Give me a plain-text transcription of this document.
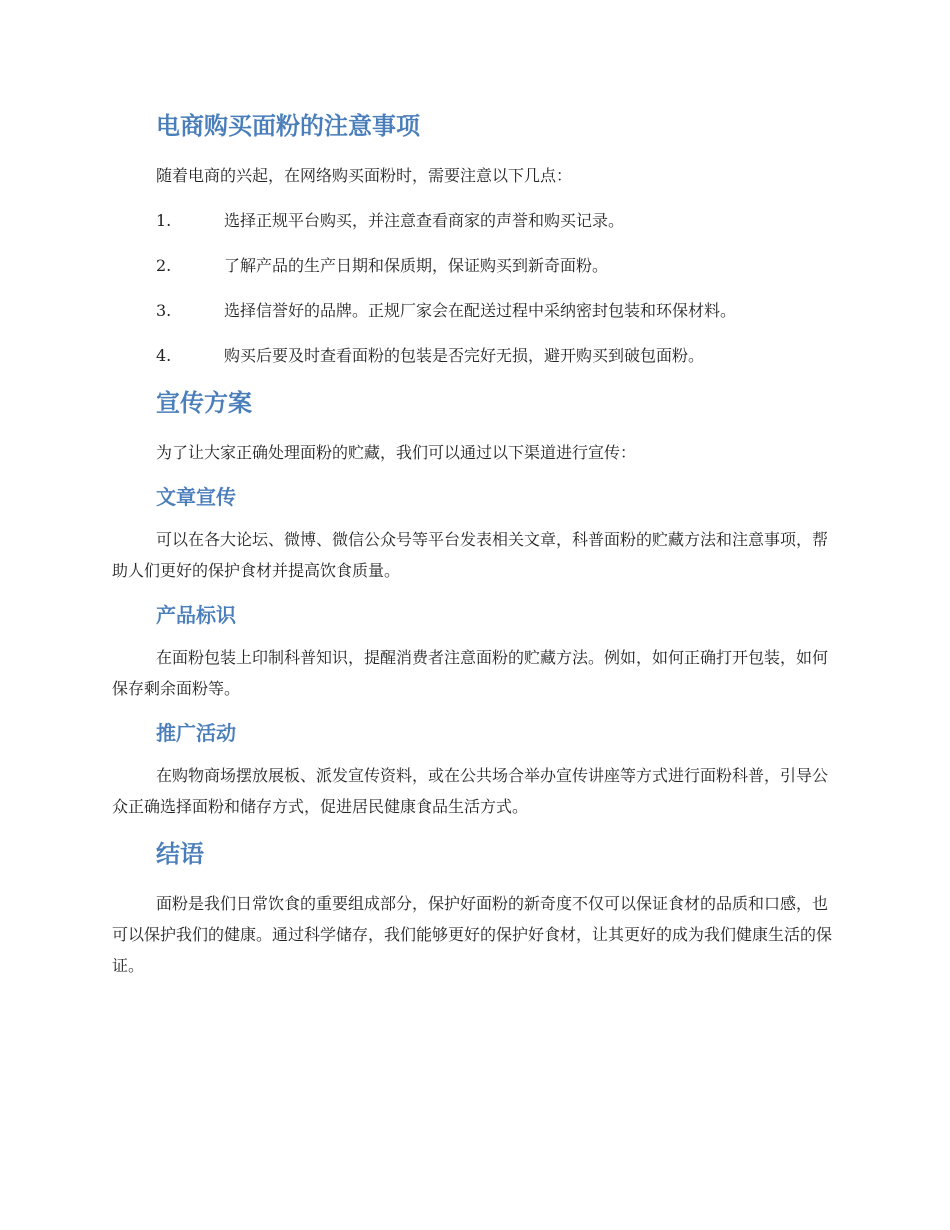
电商购买面粉的注意事项

随着电商的兴起，在网络购买面粉时，需要注意以下几点：

1.	选择正规平台购买，并注意查看商家的声誉和购买记录。
2.	了解产品的生产日期和保质期，保证购买到新奇面粉。
3.	选择信誉好的品牌。正规厂家会在配送过程中采纳密封包装和环保材料。
4.	购买后要及时查看面粉的包装是否完好无损，避开购买到破包面粉。
宣传方案

为了让大家正确处理面粉的贮藏，我们可以通过以下渠道进行宣传：

文章宣传

可以在各大论坛、微博、微信公众号等平台发表相关文章，科普面粉的贮藏方法和注意事项，帮助人们更好的保护食材并提高饮食质量。

产品标识

在面粉包装上印制科普知识，提醒消费者注意面粉的贮藏方法。例如，如何正确打开包装，如何保存剩余面粉等。

推广活动

在购物商场摆放展板、派发宣传资料，或在公共场合举办宣传讲座等方式进行面粉科普，引导公众正确选择面粉和储存方式，促进居民健康食品生活方式。

结语

面粉是我们日常饮食的重要组成部分，保护好面粉的新奇度不仅可以保证食材的品质和口感，也可以保护我们的健康。通过科学储存，我们能够更好的保护好食材，让其更好的成为我们健康生活的保证。
